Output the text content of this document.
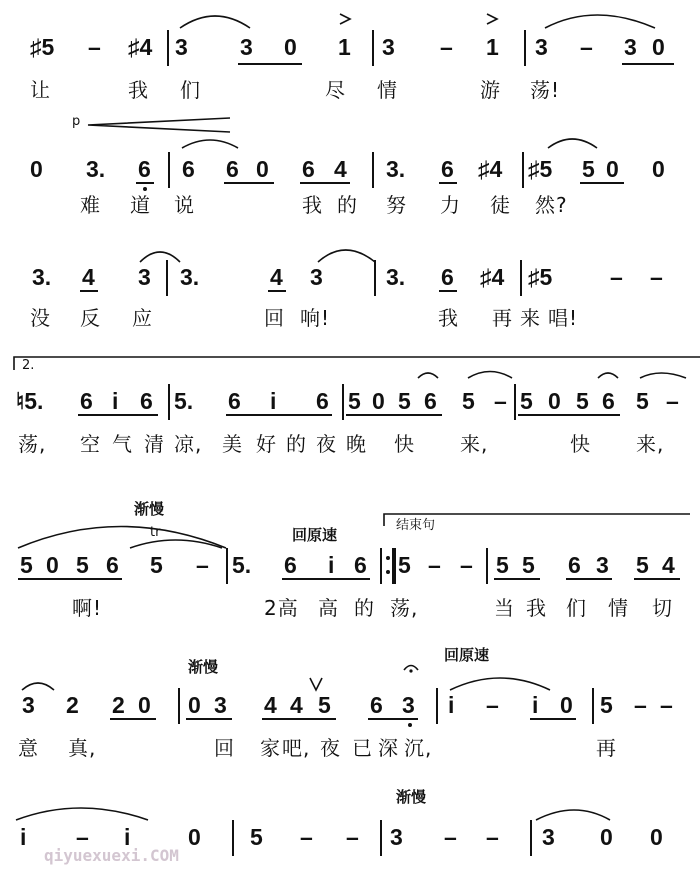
♯5 – ♯4 3 3 0 1 3 – 1 3 – 3 0
让	我 们	尽 情	游 荡!
p
0 3. 6 6 6 0 6 4 3. 6 ♯4 ♯5 5 0 0
难 道 说	我 的 努 力 徒 然?
3. 4 3 3.	4 3	3. 6 ♯4 ♯5	– –
没 反 应	回 响!	我 再 来 唱!
2.
♮5. 6 i 6 5. 6 i 6 5 0 5 6 5 – 5 0 5 6 5 –
荡, 空 气 清 凉, 美 好 的 夜 晚 快 来,	快 来,
渐慢
tr	回原速
结束句
5 0 5 6 5 – 5. 6 i 6 5 – – 5 5 6 3 5 4
啊!	2高 高 的 荡,	当 我 们 情 切
渐慢
回原速
3 2 2 0 0 3 4 4 5 6 3 i – i 0 5 – –
意 真,	回 家 吧, 夜 已 深 沉,	再
渐慢
i – i	0 5 – – 3 – – 3 0 0
qiyuexuexi.COM
